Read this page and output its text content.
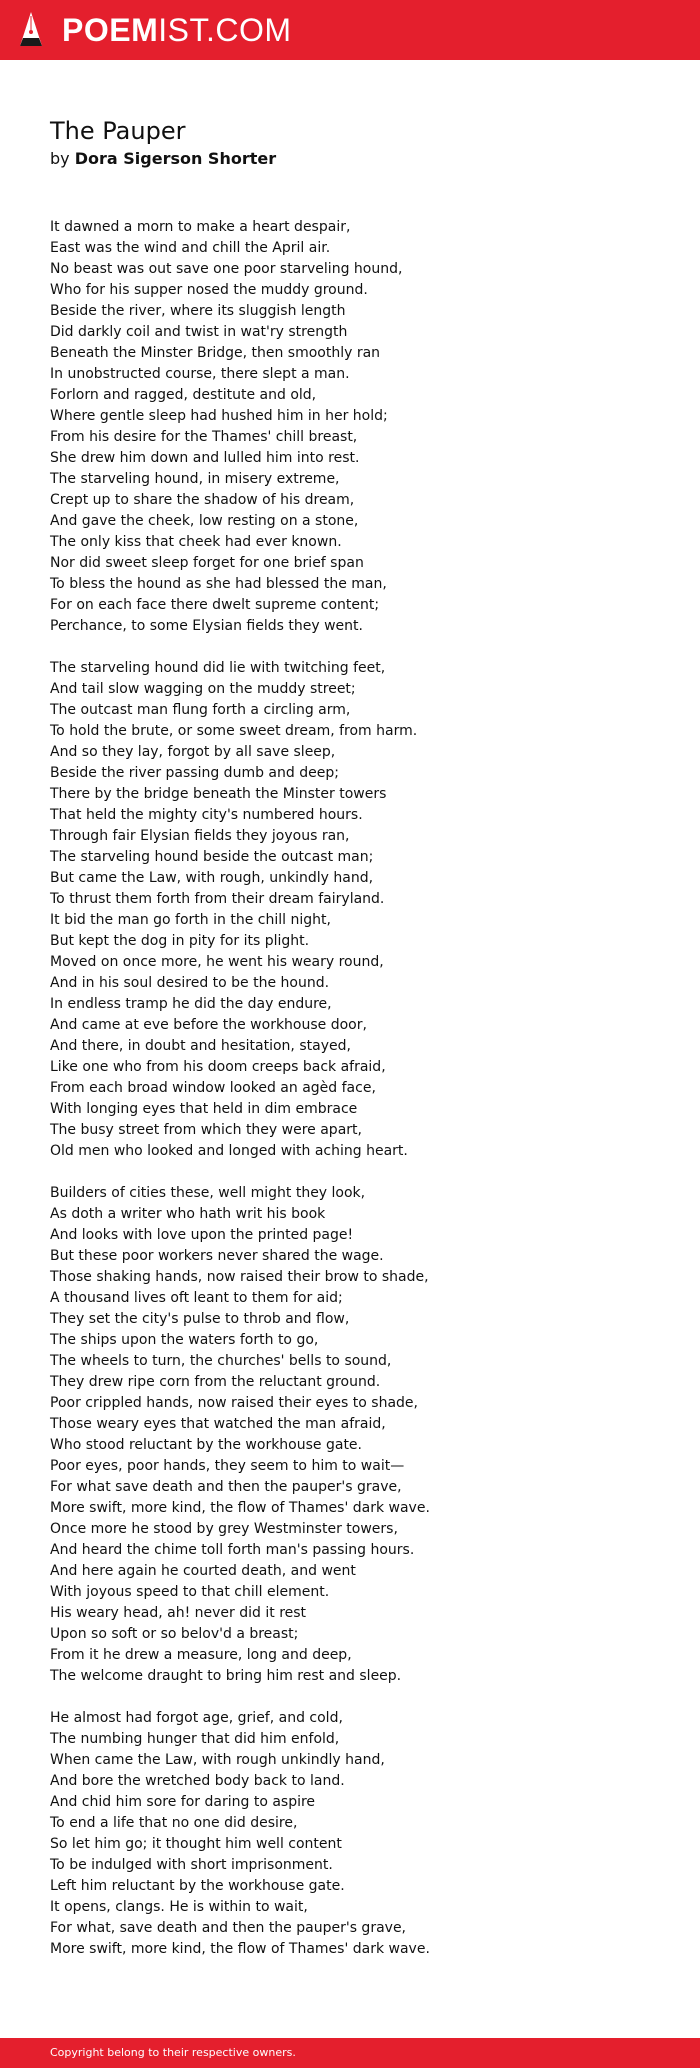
POEMIST.COM
The Pauper
by Dora Sigerson Shorter
It dawned a morn to make a heart despair,
East was the wind and chill the April air.
No beast was out save one poor starveling hound,
Who for his supper nosed the muddy ground.
Beside the river, where its sluggish length
Did darkly coil and twist in wat'ry strength
Beneath the Minster Bridge, then smoothly ran
In unobstructed course, there slept a man.
Forlorn and ragged, destitute and old,
Where gentle sleep had hushed him in her hold;
From his desire for the Thames' chill breast,
She drew him down and lulled him into rest.
The starveling hound, in misery extreme,
Crept up to share the shadow of his dream,
And gave the cheek, low resting on a stone,
The only kiss that cheek had ever known.
Nor did sweet sleep forget for one brief span
To bless the hound as she had blessed the man,
For on each face there dwelt supreme content;
Perchance, to some Elysian fields they went.
The starveling hound did lie with twitching feet,
And tail slow wagging on the muddy street;
The outcast man flung forth a circling arm,
To hold the brute, or some sweet dream, from harm.
And so they lay, forgot by all save sleep,
Beside the river passing dumb and deep;
There by the bridge beneath the Minster towers
That held the mighty city's numbered hours.
Through fair Elysian fields they joyous ran,
The starveling hound beside the outcast man;
But came the Law, with rough, unkindly hand,
To thrust them forth from their dream fairyland.
It bid the man go forth in the chill night,
But kept the dog in pity for its plight.
Moved on once more, he went his weary round,
And in his soul desired to be the hound.
In endless tramp he did the day endure,
And came at eve before the workhouse door,
And there, in doubt and hesitation, stayed,
Like one who from his doom creeps back afraid,
From each broad window looked an agèd face,
With longing eyes that held in dim embrace
The busy street from which they were apart,
Old men who looked and longed with aching heart.
Builders of cities these, well might they look,
As doth a writer who hath writ his book
And looks with love upon the printed page!
But these poor workers never shared the wage.
Those shaking hands, now raised their brow to shade,
A thousand lives oft leant to them for aid;
They set the city's pulse to throb and flow,
The ships upon the waters forth to go,
The wheels to turn, the churches' bells to sound,
They drew ripe corn from the reluctant ground.
Poor crippled hands, now raised their eyes to shade,
Those weary eyes that watched the man afraid,
Who stood reluctant by the workhouse gate.
Poor eyes, poor hands, they seem to him to wait—
For what save death and then the pauper's grave,
More swift, more kind, the flow of Thames' dark wave.
Once more he stood by grey Westminster towers,
And heard the chime toll forth man's passing hours.
And here again he courted death, and went
With joyous speed to that chill element.
His weary head, ah! never did it rest
Upon so soft or so belov'd a breast;
From it he drew a measure, long and deep,
The welcome draught to bring him rest and sleep.
He almost had forgot age, grief, and cold,
The numbing hunger that did him enfold,
When came the Law, with rough unkindly hand,
And bore the wretched body back to land.
And chid him sore for daring to aspire
To end a life that no one did desire,
So let him go; it thought him well content
To be indulged with short imprisonment.
Left him reluctant by the workhouse gate.
It opens, clangs. He is within to wait,
For what, save death and then the pauper's grave,
More swift, more kind, the flow of Thames' dark wave.
Copyright belong to their respective owners.
